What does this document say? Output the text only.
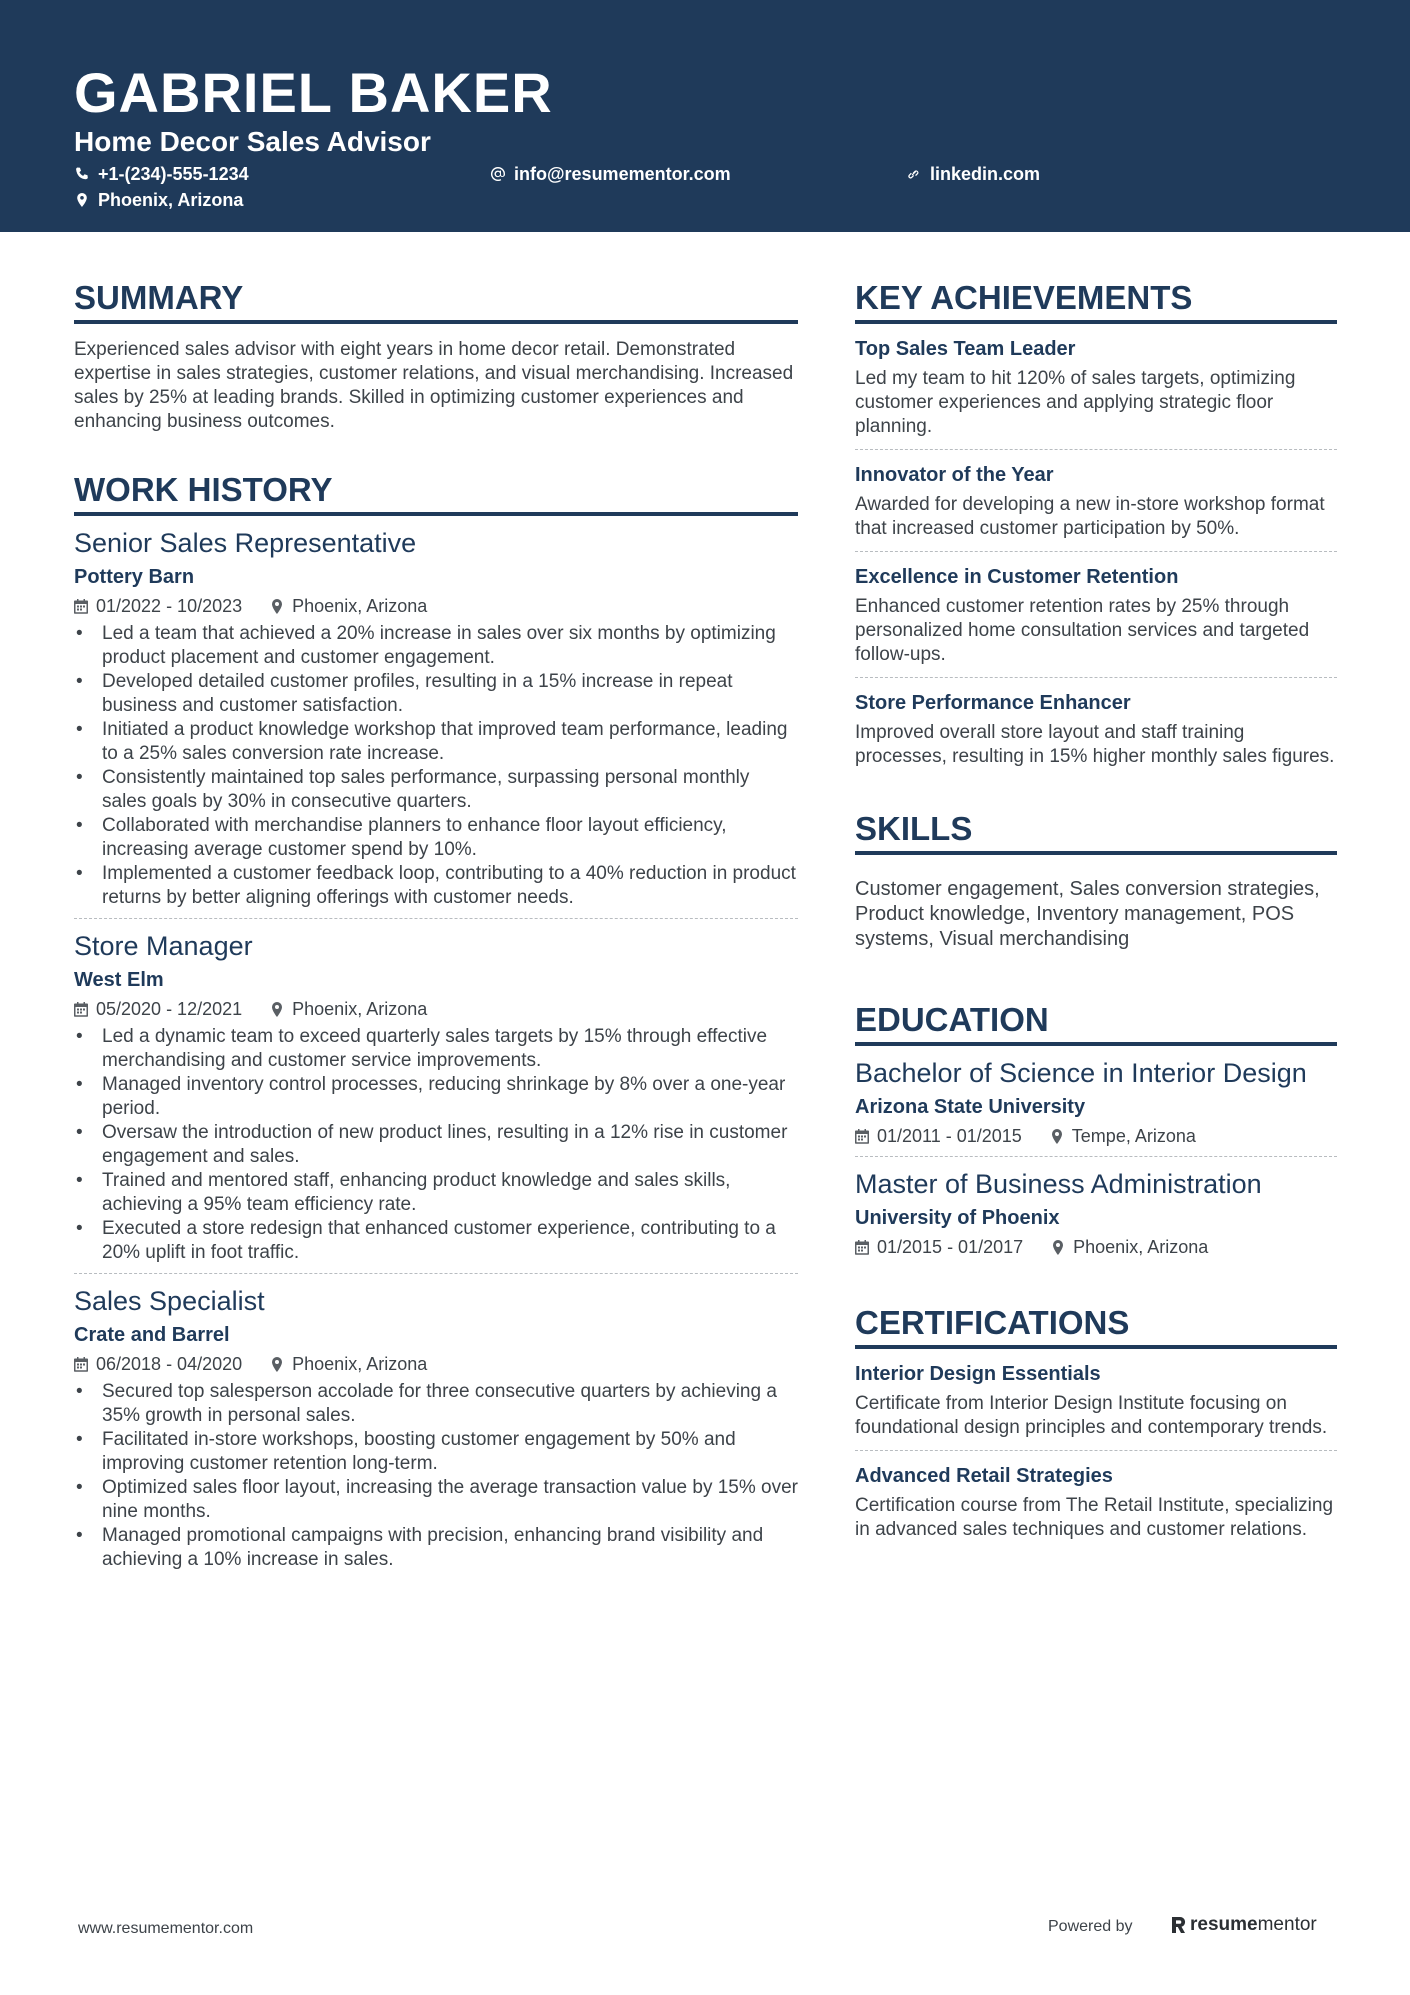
GABRIEL BAKER
Home Decor Sales Advisor
+1-(234)-555-1234	info@resumementor.com	linkedin.com
Phoenix, Arizona
SUMMARY

Experienced sales advisor with eight years in home decor retail. Demonstrated expertise in sales strategies, customer relations, and visual merchandising. Increased sales by 25% at leading brands. Skilled in optimizing customer experiences and enhancing business outcomes.

WORK HISTORY
Senior Sales Representative
Pottery Barn
01/2022 - 10/2023	Phoenix, Arizona
• Led a team that achieved a 20% increase in sales over six months by optimizing product placement and customer engagement.
• Developed detailed customer profiles, resulting in a 15% increase in repeat business and customer satisfaction.
• Initiated a product knowledge workshop that improved team performance, leading to a 25% sales conversion rate increase.
• Consistently maintained top sales performance, surpassing personal monthly sales goals by 30% in consecutive quarters.
• Collaborated with merchandise planners to enhance floor layout efficiency, increasing average customer spend by 10%.
• Implemented a customer feedback loop, contributing to a 40% reduction in product returns by better aligning offerings with customer needs.
Store Manager
West Elm
05/2020 - 12/2021	Phoenix, Arizona
• Led a dynamic team to exceed quarterly sales targets by 15% through effective merchandising and customer service improvements.
• Managed inventory control processes, reducing shrinkage by 8% over a one-year period.
• Oversaw the introduction of new product lines, resulting in a 12% rise in customer engagement and sales.
• Trained and mentored staff, enhancing product knowledge and sales skills, achieving a 95% team efficiency rate.
• Executed a store redesign that enhanced customer experience, contributing to a 20% uplift in foot traffic.
Sales Specialist
Crate and Barrel
06/2018 - 04/2020	Phoenix, Arizona
• Secured top salesperson accolade for three consecutive quarters by achieving a 35% growth in personal sales.
• Facilitated in-store workshops, boosting customer engagement by 50% and improving customer retention long-term.
• Optimized sales floor layout, increasing the average transaction value by 15% over nine months.
• Managed promotional campaigns with precision, enhancing brand visibility and achieving a 10% increase in sales.
KEY ACHIEVEMENTS
Top Sales Team Leader

Led my team to hit 120% of sales targets, optimizing customer experiences and applying strategic floor planning.

Innovator of the Year

Awarded for developing a new in-store workshop format that increased customer participation by 50%.

Excellence in Customer Retention

Enhanced customer retention rates by 25% through personalized home consultation services and targeted follow-ups.

Store Performance Enhancer

Improved overall store layout and staff training processes, resulting in 15% higher monthly sales figures.

SKILLS

Customer engagement, Sales conversion strategies, Product knowledge, Inventory management, POS systems, Visual merchandising

EDUCATION
Bachelor of Science in Interior Design
Arizona State University
01/2011 - 01/2015	Tempe, Arizona
Master of Business Administration
University of Phoenix
01/2015 - 01/2017	Phoenix, Arizona
CERTIFICATIONS
Interior Design Essentials

Certificate from Interior Design Institute focusing on foundational design principles and contemporary trends.

Advanced Retail Strategies

Certification course from The Retail Institute, specializing in advanced sales techniques and customer relations.

www.resumementor.com	Powered by	resumementor
